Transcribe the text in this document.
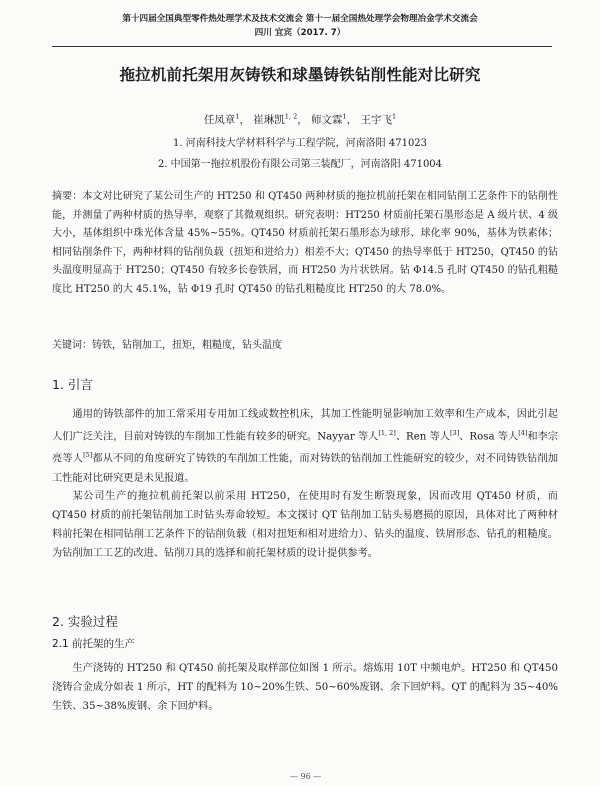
第十四届全国典型零件热处理学术及技术交流会 第十一届全国热处理学会物理冶金学术交流会
四川 宜宾（2017. 7）
拖拉机前托架用灰铸铁和球墨铸铁钻削性能对比研究
任凤章$^1$， 崔琳凯$^{1, 2}$， 师文霖$^1$， 王宇飞$^1$
1. 河南科技大学材料科学与工程学院，河南洛阳 471023
2. 中国第一拖拉机股份有限公司第三装配厂，河南洛阳 471004
摘要：本文对比研究了某公司生产的 HT250 和 QT450 两种材质的拖拉机前托架在相同钻削工艺条件下的钻削性能，并测量了两种材质的热导率，观察了其微观组织。研究表明：HT250 材质前托架石墨形态是 A 级片状、4 级大小，基体组织中珠光体含量 45%~55%。QT450 材质前托架石墨形态为球形、球化率 90%，基体为铁素体；相同钻削条件下，两种材料的钻削负载（扭矩和进给力）相差不大；QT450 的热导率低于 HT250，QT450 的钻头温度明显高于 HT250；QT450 有较多长卷铁屑，而 HT250 为片状铁屑。钻 Φ14.5 孔时 QT450 的钻孔粗糙度比 HT250 的大 45.1%，钻 Φ19 孔时 QT450 的钻孔粗糙度比 HT250 的大 78.0%。
关键词：铸铁，钻削加工，扭矩，粗糙度，钻头温度
1. 引言
通用的铸铁部件的加工常采用专用加工线或数控机床，其加工性能明显影响加工效率和生产成本，因此引起人们广泛关注，目前对铸铁的车削加工性能有较多的研究。Nayyar 等人[1, 2]、Ren 等人[3]、Rosa 等人[4]和李宗亮等人[5]都从不同的角度研究了铸铁的车削加工性能，而对铸铁的钻削加工性能研究的较少，对不同铸铁钻削加工性能对比研究更是未见报道。
某公司生产的拖拉机前托架以前采用 HT250，在使用时有发生断裂现象，因而改用 QT450 材质，而 QT450 材质的前托架钻削加工时钻头寿命较短。本文探讨 QT 钻削加工钻头易磨损的原因，具体对比了两种材料前托架在相同钻削工艺条件下的钻削负载（相对扭矩和相对进给力）、钻头的温度、铁屑形态、钻孔的粗糙度。为钻削加工工艺的改进、钻削刀具的选择和前托架材质的设计提供参考。
2. 实验过程
2.1 前托架的生产
生产浇铸的 HT250 和 QT450 前托架及取样部位如图 1 所示。熔炼用 10T 中频电炉。HT250 和 QT450 浇铸合金成分如表 1 所示，HT 的配料为 10~20%生铁、50~60%废钢、余下回炉料。QT 的配料为 35~40%生铁、35~38%废钢、余下回炉料。
— 96 —
